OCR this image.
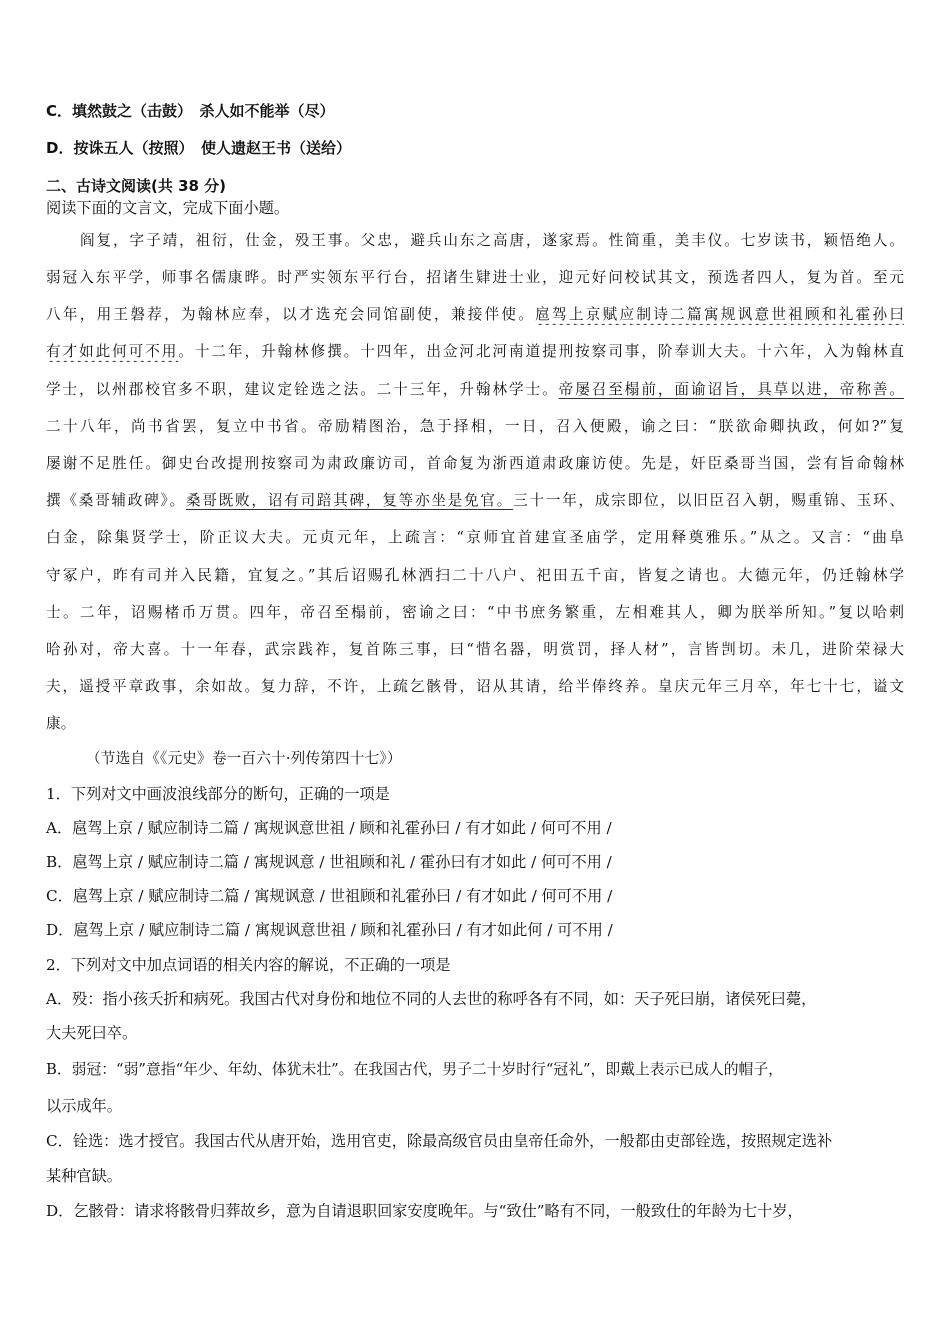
C．填然鼓之（击鼓）　杀人如不能举（尽）
D．按诛五人（按照）　使人遗赵王书（送给）
二、古诗文阅读(共 38 分)
阅读下面的文言文，完成下面小题。
阎复，字子靖，祖衍，仕金，殁王事。父忠，避兵山东之高唐，遂家焉。性简重，美丰仪。七岁读书，颖悟绝人。
弱冠入东平学，师事名儒康晔。时严实领东平行台，招诸生肄进士业，迎元好问校试其文，预选者四人，复为首。至元
八年，用王磐荐，为翰林应奉，以才选充会同馆副使，兼接伴使。扈驾上京赋应制诗二篇寓规讽意世祖顾和礼霍孙曰
有才如此何可不用。十二年，升翰林修撰。十四年，出佥河北河南道提刑按察司事，阶奉训大夫。十六年，入为翰林直
学士，以州郡校官多不职，建议定铨选之法。二十三年，升翰林学士。帝屡召至榻前，面谕诏旨，具草以进，帝称善。
二十八年，尚书省罢，复立中书省。帝励精图治，急于择相，一日，召入便殿，谕之曰：“朕欲命卿执政，何如?”复
屡谢不足胜任。御史台改提刑按察司为肃政廉访司，首命复为浙西道肃政廉访使。先是，奸臣桑哥当国，尝有旨命翰林
撰《桑哥辅政碑》。桑哥既败，诏有司踣其碑，复等亦坐是免官。三十一年，成宗即位，以旧臣召入朝，赐重锦、玉环、
白金，除集贤学士，阶正议大夫。元贞元年，上疏言：“京师宜首建宣圣庙学，定用释奠雅乐。”从之。又言：“曲阜
守冢户，昨有司并入民籍，宜复之。”其后诏赐孔林洒扫二十八户、祀田五千亩，皆复之请也。大德元年，仍迁翰林学
士。二年，诏赐楮币万贯。四年，帝召至榻前，密谕之曰：“中书庶务繁重，左相难其人，卿为朕举所知。”复以哈剌
哈孙对，帝大喜。十一年春，武宗践祚，复首陈三事，曰“惜名器，明赏罚，择人材”，言皆剀切。未几，进阶荣禄大
夫，遥授平章政事，余如故。复力辞，不许，上疏乞骸骨，诏从其请，给半俸终养。皇庆元年三月卒，年七十七，谥文
康。
（节选自《《元史》卷一百六十·列传第四十七》）
1．下列对文中画波浪线部分的断句，正确的一项是
A．扈驾上京 / 赋应制诗二篇 / 寓规讽意世祖 / 顾和礼霍孙曰 / 有才如此 / 何可不用 /
B．扈驾上京 / 赋应制诗二篇 / 寓规讽意 / 世祖顾和礼 / 霍孙曰有才如此 / 何可不用 /
C．扈驾上京 / 赋应制诗二篇 / 寓规讽意 / 世祖顾和礼霍孙曰 / 有才如此 / 何可不用 /
D．扈驾上京 / 赋应制诗二篇 / 寓规讽意世祖 / 顾和礼霍孙曰 / 有才如此何 / 可不用 /
2．下列对文中加点词语的相关内容的解说，不正确的一项是
A．殁：指小孩夭折和病死。我国古代对身份和地位不同的人去世的称呼各有不同，如：天子死曰崩，诸侯死曰薨，
大夫死曰卒。
B．弱冠：“弱”意指“年少、年幼、体犹未壮”。在我国古代，男子二十岁时行“冠礼”，即戴上表示已成人的帽子，
以示成年。
C．铨选：选才授官。我国古代从唐开始，选用官吏，除最高级官员由皇帝任命外，一般都由吏部铨选，按照规定选补
某种官缺。
D．乞骸骨：请求将骸骨归葬故乡，意为自请退职回家安度晚年。与“致仕”略有不同，一般致仕的年龄为七十岁，
